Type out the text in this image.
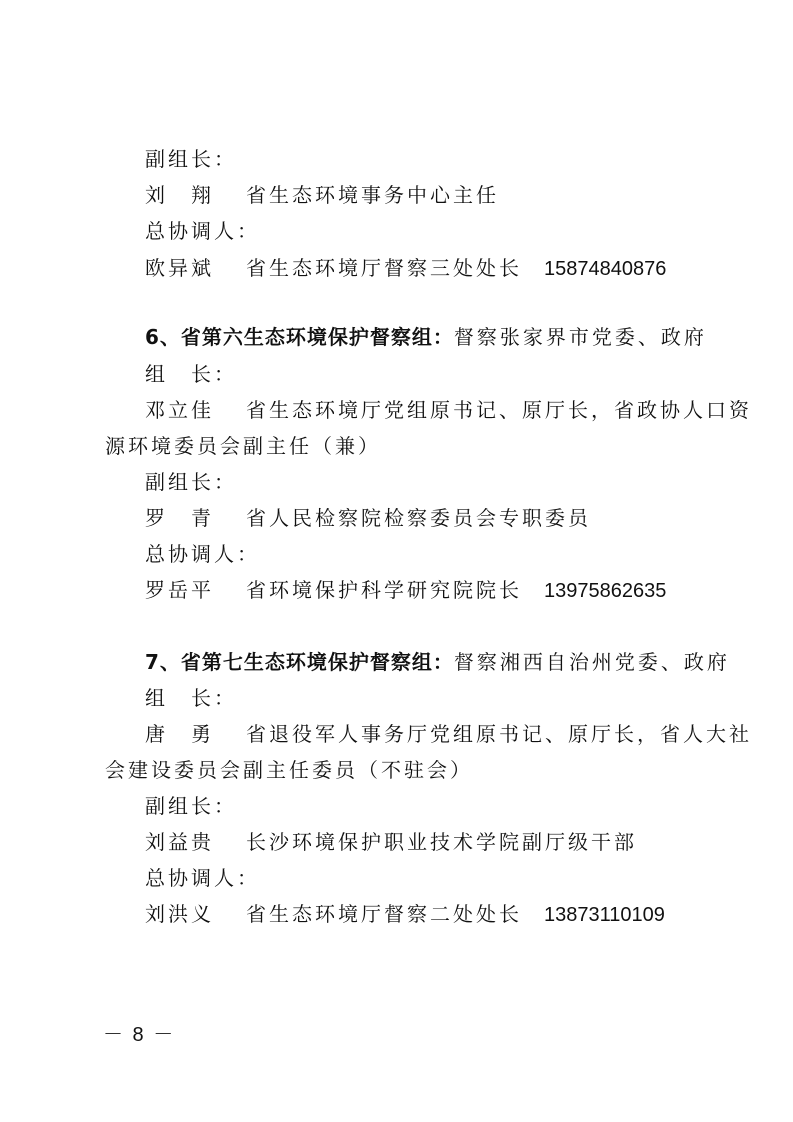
副组长：
刘　翔 省生态环境事务中心主任
总协调人：
欧异斌 省生态环境厅督察三处处长 15874840876
6、省第六生态环境保护督察组：督察张家界市党委、政府
组　长：
邓立佳 省生态环境厅党组原书记、原厅长，省政协人口资
源环境委员会副主任（兼）
副组长：
罗　青 省人民检察院检察委员会专职委员
总协调人：
罗岳平 省环境保护科学研究院院长 13975862635
7、省第七生态环境保护督察组：督察湘西自治州党委、政府
组　长：
唐　勇 省退役军人事务厅党组原书记、原厅长，省人大社
会建设委员会副主任委员（不驻会）
副组长：
刘益贵 长沙环境保护职业技术学院副厅级干部
总协调人：
刘洪义 省生态环境厅督察二处处长 13873110109
－ 8 －
